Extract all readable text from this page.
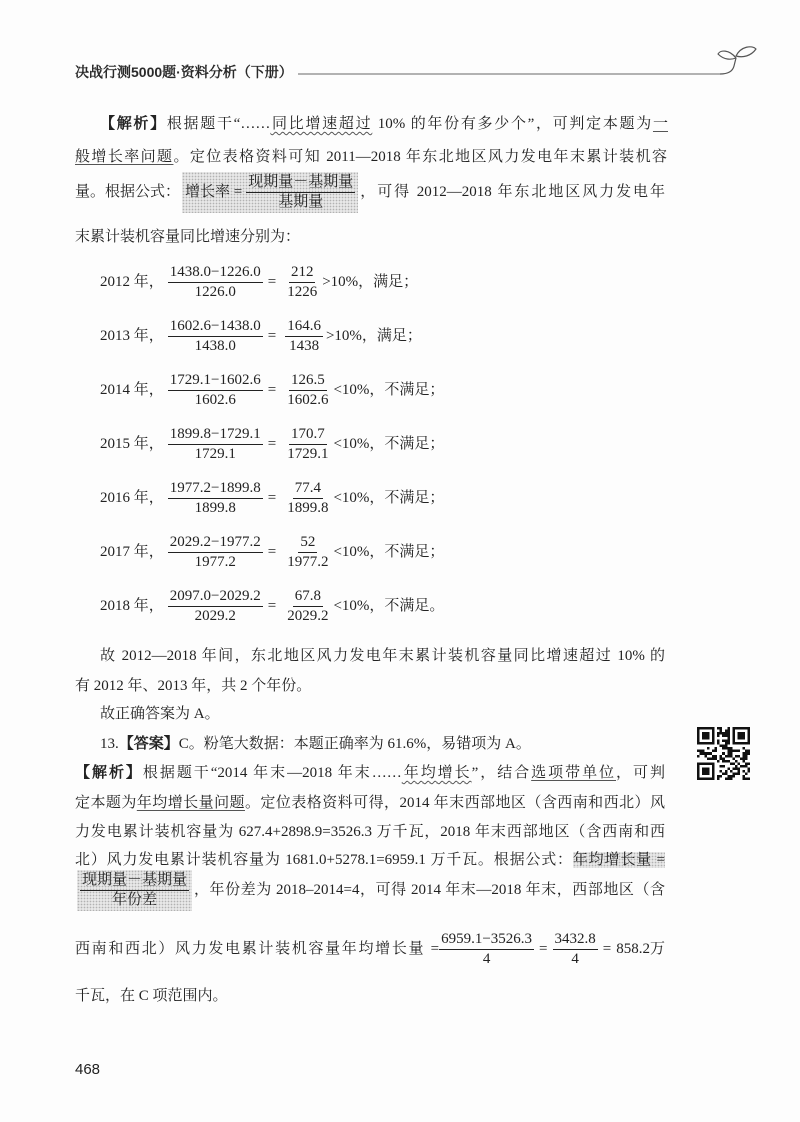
决战行测5000题·资料分析（下册）
【解析】根据题干“……同比增速超过 10% 的年份有多少个”，可判定本题为一
般增长率问题。定位表格资料可知 2011—2018 年东北地区风力发电年末累计装机容
量。根据公式： 增长率 = $\frac{\text{现期量－基期量}}{\text{基期量}}$ ，可得 2012—2018 年东北地区风力发电年
末累计装机容量同比增速分别为：
2012 年， $\frac{1438.0-1226.0}{1226.0} = \frac{212}{1226} >10\%$ ，满足；
2013 年， $\frac{1602.6-1438.0}{1438.0} = \frac{164.6}{1438} >10\%$ ，满足；
2014 年， $\frac{1729.1-1602.6}{1602.6} = \frac{126.5}{1602.6} <10\%$ ，不满足；
2015 年， $\frac{1899.8-1729.1}{1729.1} = \frac{170.7}{1729.1} <10\%$ ，不满足；
2016 年， $\frac{1977.2-1899.8}{1899.8} = \frac{77.4}{1899.8} <10\%$ ，不满足；
2017 年， $\frac{2029.2-1977.2}{1977.2} = \frac{52}{1977.2} <10\%$ ，不满足；
2018 年， $\frac{2097.0-2029.2}{2029.2} = \frac{67.8}{2029.2} <10\%$ ，不满足。
故 2012—2018 年间，东北地区风力发电年末累计装机容量同比增速超过 10% 的
有 2012 年、2013 年，共 2 个年份。
故正确答案为 A。
13.【答案】C。粉笔大数据：本题正确率为 61.6%，易错项为 A。
【解析】根据题干“2014 年末—2018 年末……年均增长”，结合选项带单位，可判
定本题为年均增长量问题。定位表格资料可得，2014 年末西部地区（含西南和西北）风
力发电累计装机容量为 627.4+2898.9=3526.3 万千瓦，2018 年末西部地区（含西南和西
北）风力发电累计装机容量为 1681.0+5278.1=6959.1 万千瓦。根据公式：年均增长量 =
$\frac{\text{现期量－基期量}}{\text{年份差}}$ ，年份差为 2018–2014=4，可得 2014 年末—2018 年末，西部地区（含
西南和西北）风力发电累计装机容量年均增长量 = $\frac{6959.1-3526.3}{4} = \frac{3432.8}{4} = 858.2$万
千瓦，在 C 项范围内。
468
